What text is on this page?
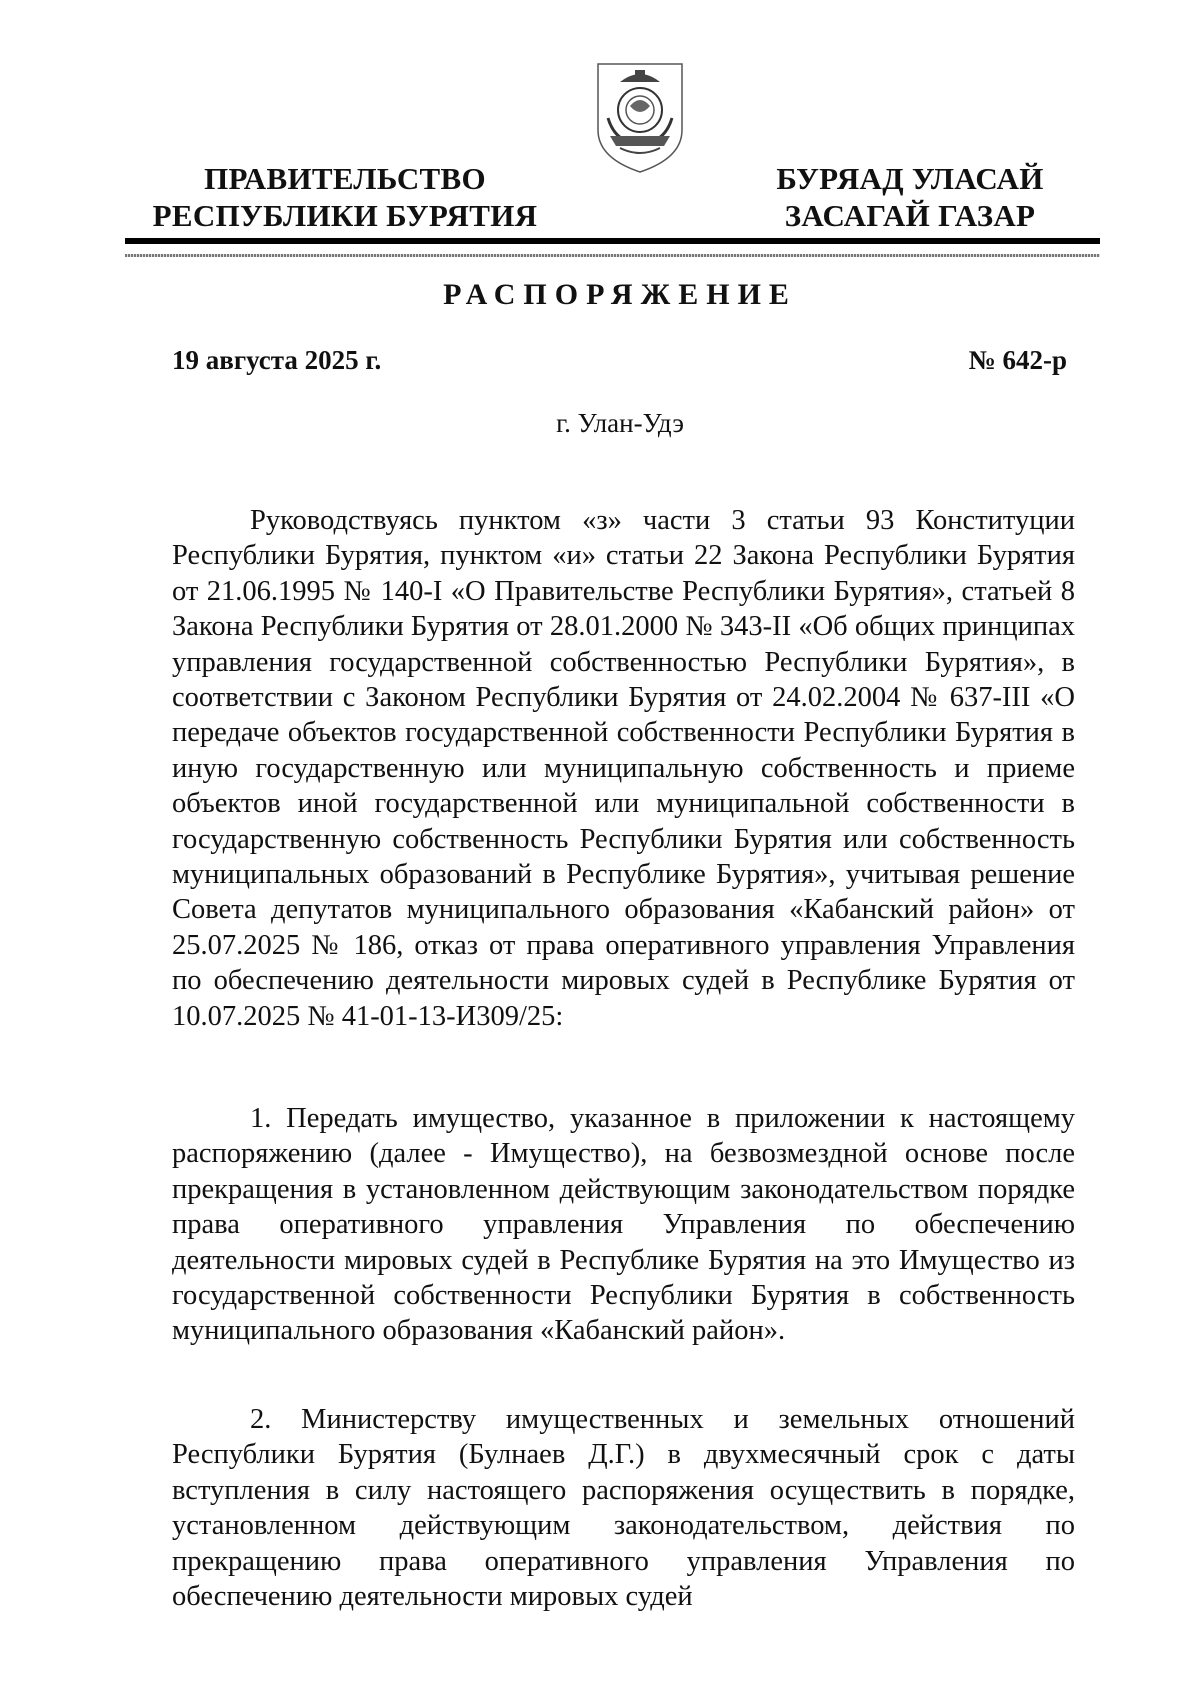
ПРАВИТЕЛЬСТВО
РЕСПУБЛИКИ БУРЯТИЯ
БУРЯАД УЛАСАЙ
ЗАСАГАЙ ГАЗАР
РАСПОРЯЖЕНИЕ
19 августа 2025 г.	№ 642-р
г. Улан-Удэ

Руководствуясь пунктом «з» части 3 статьи 93 Конституции Республики Бурятия, пунктом «и» статьи 22 Закона Республики Бурятия от 21.06.1995 № 140-I «О Правительстве Республики Бурятия», статьей 8 Закона Республики Бурятия от 28.01.2000 № 343-II «Об общих принципах управления государственной собственностью Республики Бурятия», в соответствии с Законом Республики Бурятия от 24.02.2004 № 637-III «О передаче объектов государственной собственности Республики Бурятия в иную государственную или муниципальную собственность и приеме объектов иной государственной или муниципальной собственности в государственную собственность Республики Бурятия или собственность муниципальных образований в Республике Бурятия», учитывая решение Совета депутатов муниципального образования «Кабанский район» от 25.07.2025 № 186, отказ от права оперативного управления Управления по обеспечению деятельности мировых судей в Республике Бурятия от 10.07.2025 № 41-01-13-И309/25:

1. Передать имущество, указанное в приложении к настоящему распоряжению (далее - Имущество), на безвозмездной основе после прекращения в установленном действующим законодательством порядке права оперативного управления Управления по обеспечению деятельности мировых судей в Республике Бурятия на это Имущество из государственной собственности Республики Бурятия в собственность муниципального образования «Кабанский район».

2. Министерству имущественных и земельных отношений Республики Бурятия (Булнаев Д.Г.) в двухмесячный срок с даты вступления в силу настоящего распоряжения осуществить в порядке, установленном действующим законодательством, действия по прекращению права оперативного управления Управления по обеспечению деятельности мировых судей
